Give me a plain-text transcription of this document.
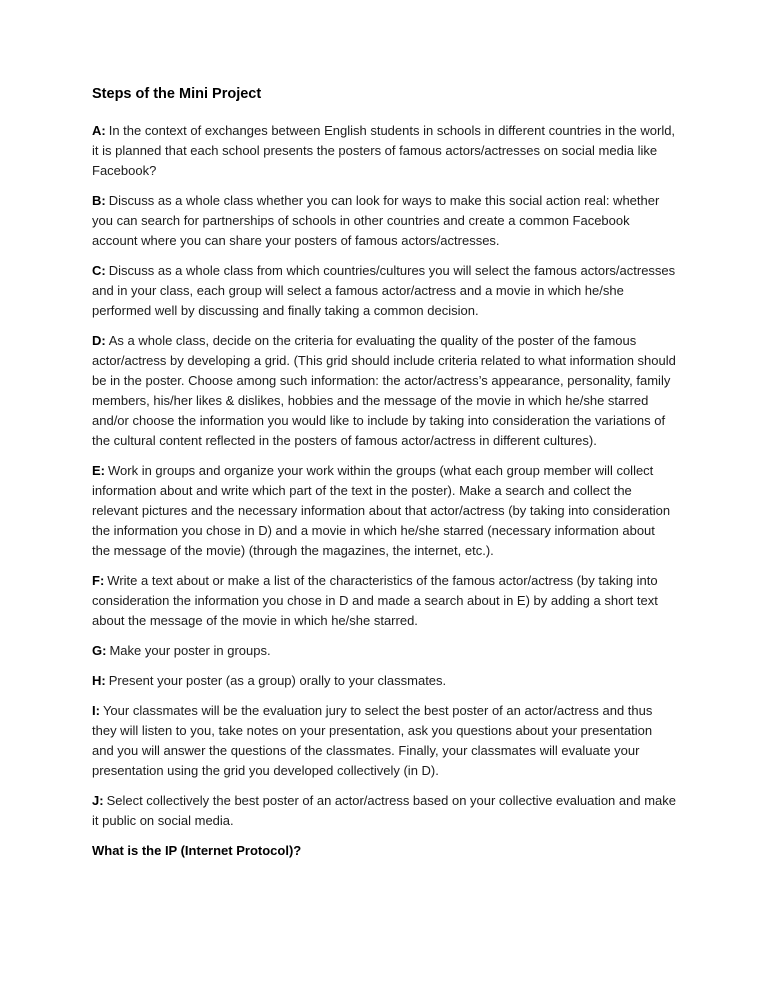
Steps of the Mini Project

A: In the context of exchanges between English students in schools in different countries in the world, it is planned that each school presents the posters of famous actors/actresses on social media like Facebook?

B: Discuss as a whole class whether you can look for ways to make this social action real: whether you can search for partnerships of schools in other countries and create a common Facebook account where you can share your posters of famous actors/actresses.

C: Discuss as a whole class from which countries/cultures you will select the famous actors/actresses and in your class, each group will select a famous actor/actress and a movie in which he/she performed well by discussing and finally taking a common decision.

D: As a whole class, decide on the criteria for evaluating the quality of the poster of the famous actor/actress by developing a grid. (This grid should include criteria related to what information should be in the poster. Choose among such information: the actor/actress’s appearance, personality, family members, his/her likes & dislikes, hobbies and the message of the movie in which he/she starred and/or choose the information you would like to include by taking into consideration the variations of the cultural content reflected in the posters of famous actor/actress in different cultures).

E: Work in groups and organize your work within the groups (what each group member will collect information about and write which part of the text in the poster). Make a search and collect the relevant pictures and the necessary information about that actor/actress (by taking into consideration the information you chose in D) and a movie in which he/she starred (necessary information about the message of the movie) (through the magazines, the internet, etc.).

F: Write a text about or make a list of the characteristics of the famous actor/actress (by taking into consideration the information you chose in D and made a search about in E) by adding a short text about the message of the movie in which he/she starred.

G: Make your poster in groups.

H: Present your poster (as a group) orally to your classmates.

I: Your classmates will be the evaluation jury to select the best poster of an actor/actress and thus they will listen to you, take notes on your presentation, ask you questions about your presentation and you will answer the questions of the classmates. Finally, your classmates will evaluate your presentation using the grid you developed collectively (in D).

J: Select collectively the best poster of an actor/actress based on your collective evaluation and make it public on social media.

What is the IP (Internet Protocol)?
